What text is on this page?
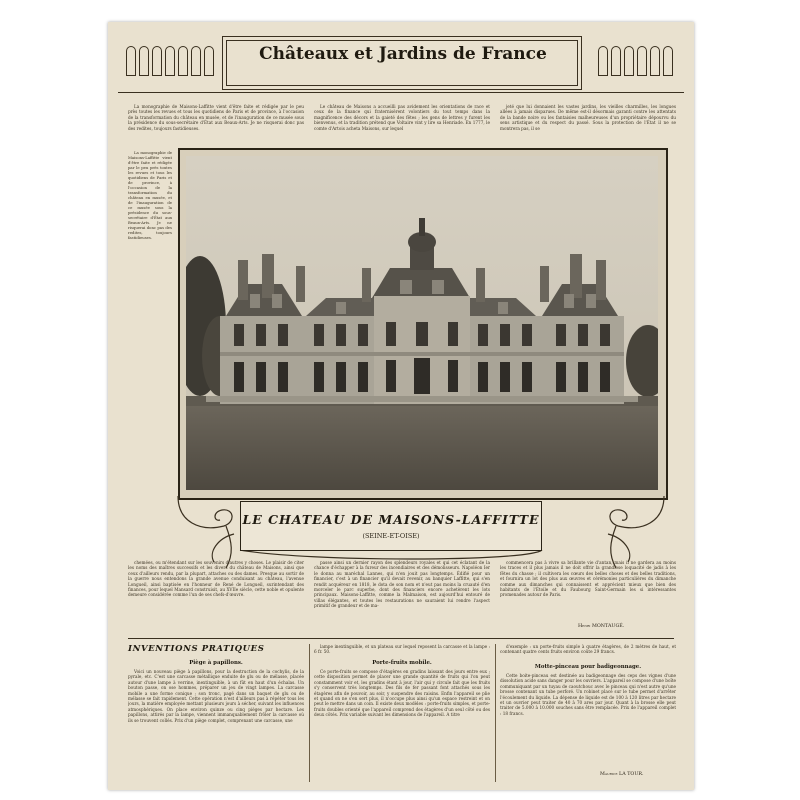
Châteaux et Jardins de France

La monographie de Maisons-Laffitte vient d'être faite et rédigée par le peu près toutes les revues et tous les quotidiens de Paris et de province, à l'occasion de la transformation du château en musée, et de l'inauguration de ce musée sous la présidence du sous-secrétaire d'État aux Beaux-Arts. Je ne risquerai donc pas des redites, toujours fastidieuses.

Le château de Maisons a accueilli pas avidement les orientations de race et ceux de la finance qui fraternisèrent volontiers du tout temps dans la magnificence des décors et la gaieté des fêtes ; les gens de lettres y furent les bienvenus, et la tradition prétend que Voltaire vint y lire sa Henriade. En 1777, le comte d'Artois acheta Maisons, sur lequel

jeté que lui donnaient les vastes jardins, les vieilles charmilles, les longues allées à jamais disparues. De même est-il désormais garanti contre les attentats de la bande noire ou les fantaisies malheureuses d'un propriétaire dépourvu du sens artistique et du respect du passé. Sous la protection de l'État il ne se montrera pas, il se

La monographie de Maisons-Laffitte vient d'être faite et rédigée par le peu près toutes les revues et tous les quotidiens de Paris et de province, à l'occasion de la transformation du château en musée, et de l'inauguration de ce musée sous la présidence du sous-secrétaire d'État aux Beaux-Arts. Je ne risquerai donc pas des redites, toujours fastidieuses.

LE CHATEAU DE MAISONS-LAFFITTE
(SEINE-ET-OISE)

chemées, ou m'étendant sur les souvenirs d'autres y choses. Le plaisir de citer les noms des maîtres successifs et les divers du château de Maisons, ainsi que ceux d'ailleurs rendu, par la plupart, attaches ou des dames. Presque au sortir de la guerre nous entendons la grande avenue conduisant au château, l'avenue Longueil, ainsi baptisée en l'honneur de René de Longueil, surintendant des finances, pour lequel Mansard construisit, au XVIIe siècle, cette noble et opulente demeure considérée comme l'un de ses chefs-d'œuvre.

passe ainsi un dernier rayon des splendeurs royales et qui cet éclatant de la chance d'échapper à la fureur des incendiaires et des démolisseurs. Napoléon Ier le donna au maréchal Lannes, qui n'en jouit pas longtemps. Édifié pour un financier, c'est à un financier qu'il devait revenir, au banquier Laffitte, qui s'en rendit acquéreur en 1818, le dota de son nom et n'eut pas moins la cruauté d'en morceler le parc superbe, dont des financiers encore achetèrent les lots principaux. Maisons-Laffitte, comme la Malmaison, est aujourd'hui entouré de villas élégantes, et toutes les restaurations ne sauraient lui rendre l'aspect primitif de grandeur et de ma-

commencera pas à vivre sa brillante vie d'antan, mais il ne gardera au moins les traces et il plus jamais il ne doit offrir la grandiose loquacité de jadis à les fêtes du chasse ; il cultivera les cœurs des belles choses et des belles traditions, et fournira un lot des plus aux œuvres et cérémonies particulières du dimanche comme aux dimanches qui connaissent et apprécient mieux que bien des habitants de l'Étoile et du Faubourg Saint-Germain les si intéressantes promenades autour de Paris.

Henri MONTAUGÉ.
INVENTIONS PRATIQUES
Piège à papillons.

Voici un nouveau piège à papillons, pour la destruction de la cochylis, de la pyrale, etc. C'est une carcasse métallique enduite de glu ou de mélasse, placée autour d'une lampe à verrine, inextinguible, à un fût en haut d'un échalas. Un bouton passe, on ose hommes, préparer un jeu de vingt lampes. La carcasse mobile a une forme conique ; son tronc, pagé dans un baquet de glu ou de mélasse se fait rapidement. Cette opération n'est d'ailleurs pas à répéter tous les jours, la matière employée mettant plusieurs jours à sécher, suivant les influences atmosphériques. On place environ quinze ou cinq pièges par hectare. Les papillons, attirés par la lampe, viennent immanquablement frôler la carcasse où ils se trouvent collés. Prix d'un piège complet, comprenant une carcasse, une

lampe inextinguible, et un plateau sur lequel reposent la carcasse et la lampe : 6 fr. 50.

Porte-fruits mobile.

Ce porte-fruits se compose d'étagères en gradins laissant des jours entre eux ; cette disposition permet de placer une grande quantité de fruits qui l'on peut constamment voir et, les gradins étant à jour, l'air qui y circule fait que les fruits s'y conservent très longtemps. Des fils de fer passant font attachés sous les étagères afin de pouvoir, au soir, y suspendre des raisins. Enfin l'appareil se plie et quand on ne s'en sert plus, il n'occupe plus ainsi qu'un espace restreint et on peut le mettre dans un coin. Il existe deux modèles : porte-fruits simples, et porte-fruits doubles orienté que l'appareil comprend des étagères d'un seul côté ou des deux côtés. Prix variable suivant les dimensions de l'appareil. A titre

d'exemple : un porte-fruits simple à quatre étagères, de 2 mètres de haut, et contenant quatre cents fruits environ coûte 29 francs.

Motte-pinceau pour badigeonnage.

Cette boite-pinceau est destinée au badigeonnage des ceps des vignes d'une dissolution acide sans danger pour les ouvriers. L'appareil se compose d'une boîte communiquant par un tuyau de caoutchouc avec le pinceau qui n'est autre qu'une brosse contenant un tube perforé. Un robinet placé sur le tube permet d'arrêter l'écoulement du liquide. La dépense de liquide est de 100 à 120 litres par hectare et un ouvrier peut traiter de 40 à 70 ares par jour. Quant à la brosse elle peut traiter de 5.000 à 10.000 souches sans être remplacée. Prix de l'appareil complet : 18 francs.

Maurice LA TOUR.
